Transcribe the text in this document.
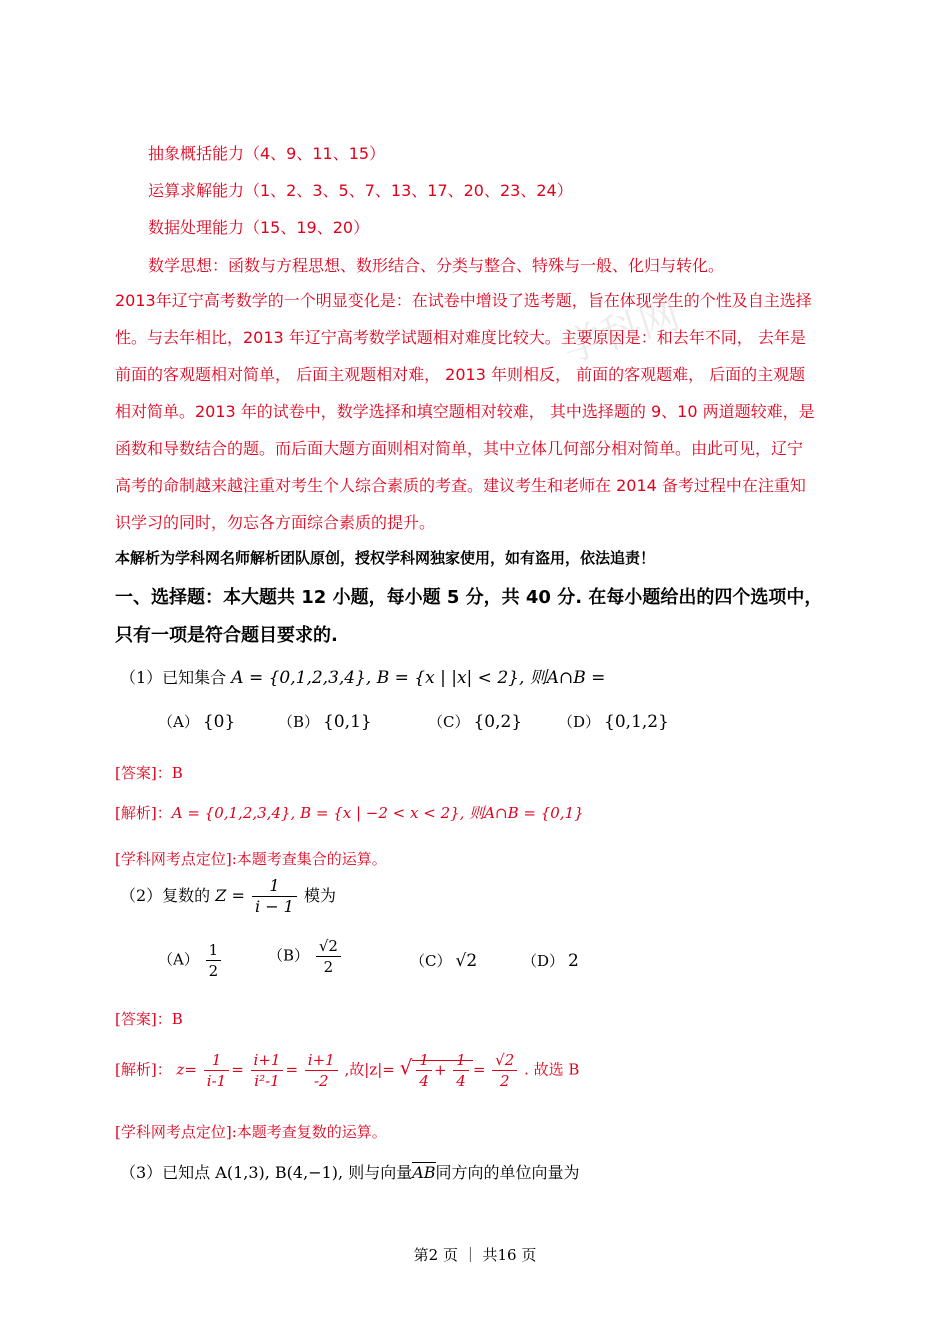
学科网
抽象概括能力（4、9、11、15）
运算求解能力（1、2、3、5、7、13、17、20、23、24）
数据处理能力（15、19、20）
数学思想：函数与方程思想、数形结合、分类与整合、特殊与一般、化归与转化。

2013年辽宁高考数学的一个明显变化是：在试卷中增设了选考题，旨在体现学生的个性及自主选择

性。与去年相比，2013 年辽宁高考数学试题相对难度比较大。主要原因是：和去年不同， 去年是

前面的客观题相对简单， 后面主观题相对难， 2013 年则相反， 前面的客观题难， 后面的主观题

相对简单。2013 年的试卷中，数学选择和填空题相对较难， 其中选择题的 9、10 两道题较难，是

函数和导数结合的题。而后面大题方面则相对简单，其中立体几何部分相对简单。由此可见，辽宁

高考的命制越来越注重对考生个人综合素质的考查。建议考生和老师在 2014 备考过程中在注重知

识学习的同时，勿忘各方面综合素质的提升。

本解析为学科网名师解析团队原创，授权学科网独家使用，如有盗用，依法追责！
一、选择题：本大题共 12 小题，每小题 5 分，共 40 分. 在每小题给出的四个选项中，
只有一项是符合题目要求的.
（1）已知集合 A = {0,1,2,3,4}, B = {x | |x| < 2}, 则A∩B =
（A） {0}	（B） {0,1}	（C） {0,2} （D） {0,1,2}
[答案]：B
[解析]：A = {0,1,2,3,4}, B = {x | −2 < x < 2}, 则A∩B = {0,1}
[学科网考点定位]:本题考查集合的运算。
（2）复数的 $Z = \frac{1}{i - 1}$ 模为
$(A) \frac{1}{2}$	$(B) \frac{√2}{2}$	（C） √2	（D） 2
[答案]：B
[解析]： $z= \frac{1}{i-1} = \frac{i+1}{\text{i²-1}} = \frac{i+1}{-2}$ ,故|z|= √ $\frac{1}{4} + \frac{1}{4} = \frac{√2}{2}$ . 故选 B
[学科网考点定位]:本题考查复数的运算。
（3）已知点 A(1,3), B(4,−1), 则与向量AB同方向的单位向量为
第2 页 ｜ 共16 页
